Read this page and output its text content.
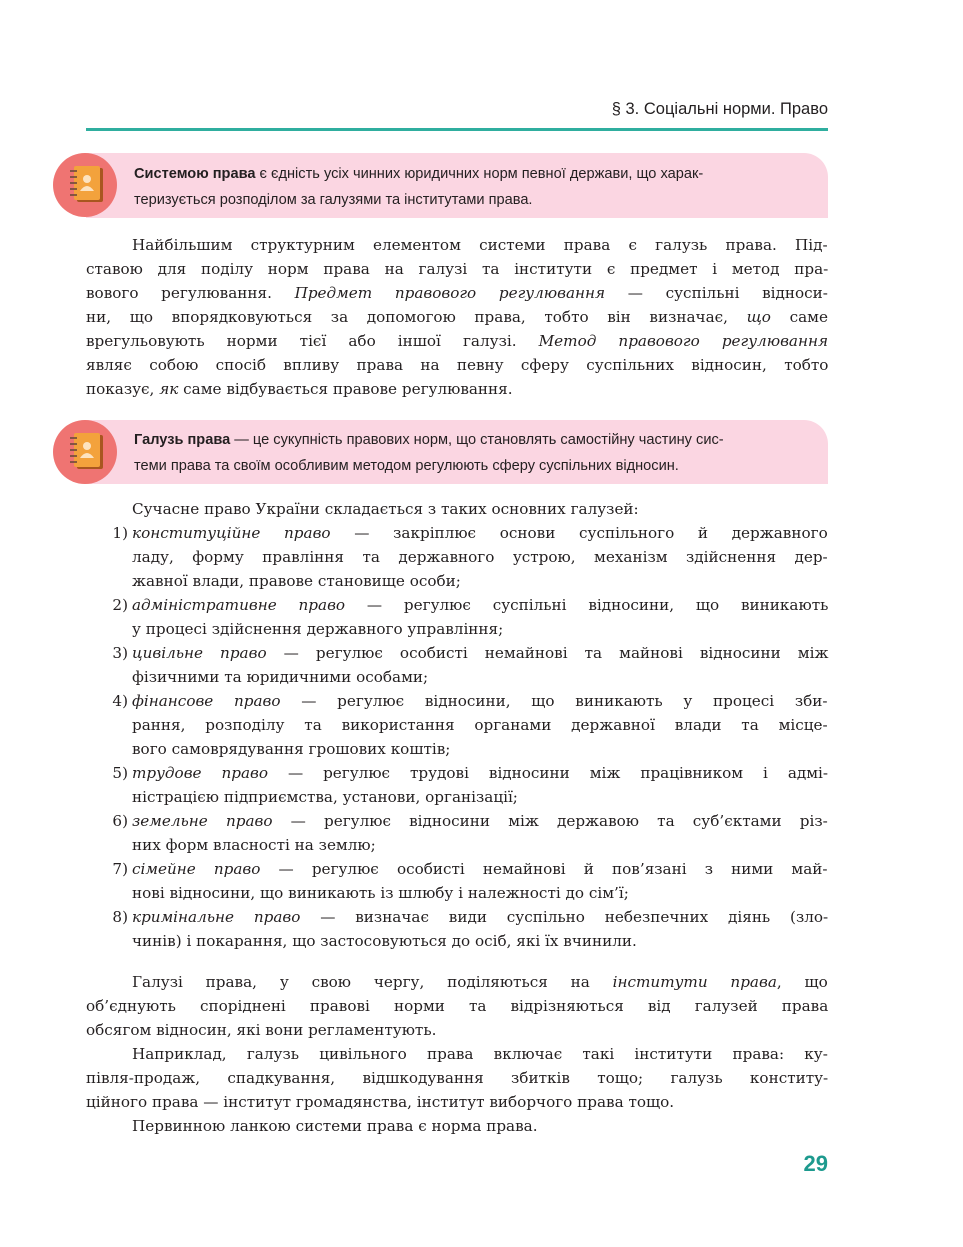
§ 3. Соціальні норми. Право
Системою права є єдність усіх чинних юридичних норм певної держави, що харак-
теризується розподілом за галузями та інститутами права.
Найбільшим структурним елементом системи права є галузь права. Під-
ставою для поділу норм права на галузі та інститути є предмет і метод пра-
вового регулювання. Предмет правового регулювання — суспільні відноси-
ни, що впорядковуються за допомогою права, тобто він визначає, що саме
врегульовують норми тієї або іншої галузі. Метод правового регулювання
являє собою спосіб впливу права на певну сферу суспільних відносин, тобто
показує, як саме відбувається правове регулювання.
Галузь права — це сукупність правових норм, що становлять самостійну частину сис-
теми права та своїм особливим методом регулюють сферу суспільних відносин.
Сучасне право України складається з таких основних галузей:
1) конституційне право — закріплює основи суспільного й державного
ладу, форму правління та державного устрою, механізм здійснення дер-
жавної влади, правове становище особи;
2) адміністративне право — регулює суспільні відносини, що виникають
у процесі здійснення державного управління;
3) цивільне право — регулює особисті немайнові та майнові відносини між
фізичними та юридичними особами;
4) фінансове право — регулює відносини, що виникають у процесі зби-
рання, розподілу та використання органами державної влади та місце-
вого самоврядування грошових коштів;
5) трудове право — регулює трудові відносини між працівником і адмі-
ністрацією підприємства, установи, організації;
6) земельне право — регулює відносини між державою та суб’єктами різ-
них форм власності на землю;
7) сімейне право — регулює особисті немайнові й пов’язані з ними май-
нові відносини, що виникають із шлюбу і належності до сім’ї;
8) кримінальне право — визначає види суспільно небезпечних діянь (зло-
чинів) і покарання, що застосовуються до осіб, які їх вчинили.
Галузі права, у свою чергу, поділяються на інститути права, що
об’єднують споріднені правові норми та відрізняються від галузей права
обсягом відносин, які вони регламентують.
Наприклад, галузь цивільного права включає такі інститути права: ку-
півля-продаж, спадкування, відшкодування збитків тощо; галузь конститу-
ційного права — інститут громадянства, інститут виборчого права тощо.
Первинною ланкою системи права є норма права.
29
